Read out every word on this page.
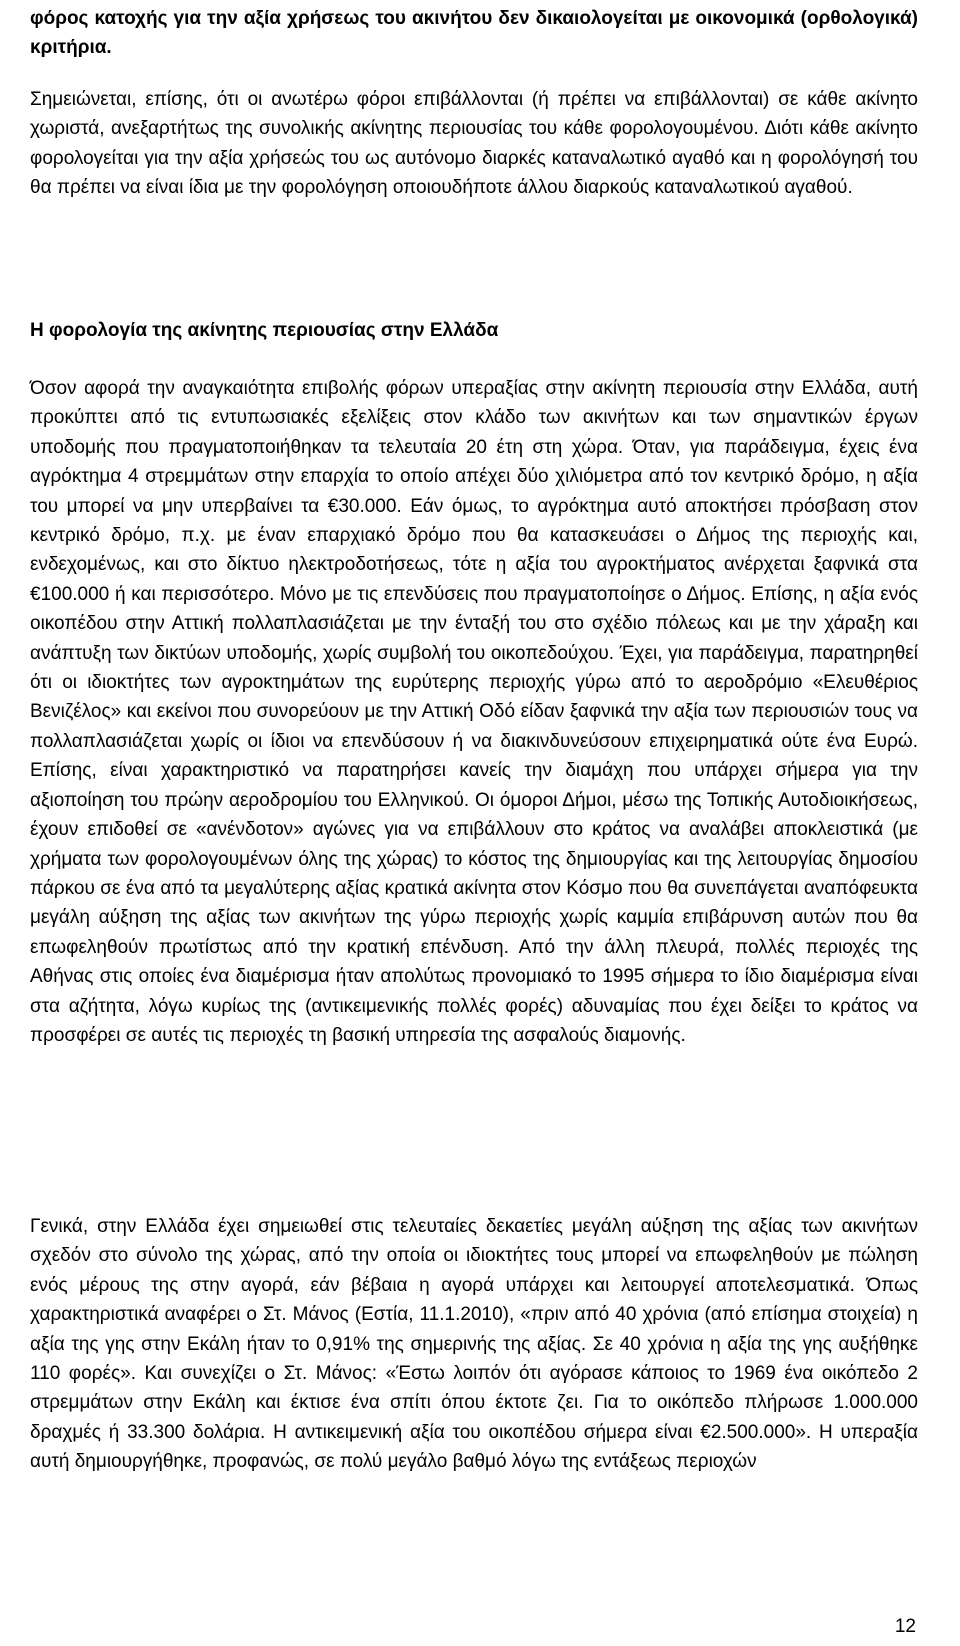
φόρος κατοχής για την αξία χρήσεως του ακινήτου δεν δικαιολογείται με οικονομικά (ορθολογικά) κριτήρια.

Σημειώνεται, επίσης, ότι οι ανωτέρω φόροι επιβάλλονται (ή πρέπει να επιβάλλονται) σε κάθε ακίνητο χωριστά, ανεξαρτήτως της συνολικής ακίνητης περιουσίας του κάθε φορολογουμένου. Διότι κάθε ακίνητο φορολογείται για την αξία χρήσεώς του ως αυτόνομο διαρκές καταναλωτικό αγαθό και η φορολόγησή του θα πρέπει να είναι ίδια με την φορολόγηση οποιουδήποτε άλλου διαρκούς καταναλωτικού αγαθού.

Η φορολογία της ακίνητης περιουσίας στην Ελλάδα

Όσον αφορά την αναγκαιότητα επιβολής φόρων υπεραξίας στην ακίνητη περιουσία στην Ελλάδα, αυτή προκύπτει από τις εντυπωσιακές εξελίξεις στον κλάδο των ακινήτων και των σημαντικών έργων υποδομής που πραγματοποιήθηκαν τα τελευταία 20 έτη στη χώρα. Όταν, για παράδειγμα, έχεις ένα αγρόκτημα 4 στρεμμάτων στην επαρχία το οποίο απέχει δύο χιλιόμετρα από τον κεντρικό δρόμο, η αξία του μπορεί να μην υπερβαίνει τα €30.000. Εάν όμως, το αγρόκτημα αυτό αποκτήσει πρόσβαση στον κεντρικό δρόμο, π.χ. με έναν επαρχιακό δρόμο που θα κατασκευάσει ο Δήμος της περιοχής και, ενδεχομένως, και στο δίκτυο ηλεκτροδοτήσεως, τότε η αξία του αγροκτήματος ανέρχεται ξαφνικά στα €100.000 ή και περισσότερο. Μόνο με τις επενδύσεις που πραγματοποίησε ο Δήμος. Επίσης, η αξία ενός οικοπέδου στην Αττική πολλαπλασιάζεται με την ένταξή του στο σχέδιο πόλεως και με την χάραξη και ανάπτυξη των δικτύων υποδομής, χωρίς συμβολή του οικοπεδούχου. Έχει, για παράδειγμα, παρατηρηθεί ότι οι ιδιοκτήτες των αγροκτημάτων της ευρύτερης περιοχής γύρω από το αεροδρόμιο «Ελευθέριος Βενιζέλος» και εκείνοι που συνορεύουν με την Αττική Οδό είδαν ξαφνικά την αξία των περιουσιών τους να πολλαπλασιάζεται χωρίς οι ίδιοι να επενδύσουν ή να διακινδυνεύσουν επιχειρηματικά ούτε ένα Ευρώ. Επίσης, είναι χαρακτηριστικό να παρατηρήσει κανείς την διαμάχη που υπάρχει σήμερα για την αξιοποίηση του πρώην αεροδρομίου του Ελληνικού. Οι όμοροι Δήμοι, μέσω της Τοπικής Αυτοδιοικήσεως, έχουν επιδοθεί σε «ανένδοτον» αγώνες για να επιβάλλουν στο κράτος να αναλάβει αποκλειστικά (με χρήματα των φορολογουμένων όλης της χώρας) το κόστος της δημιουργίας και της λειτουργίας δημοσίου πάρκου σε ένα από τα μεγαλύτερης αξίας κρατικά ακίνητα στον Κόσμο που θα συνεπάγεται αναπόφευκτα μεγάλη αύξηση της αξίας των ακινήτων της γύρω περιοχής χωρίς καμμία επιβάρυνση αυτών που θα επωφεληθούν πρωτίστως από την κρατική επένδυση. Από την άλλη πλευρά, πολλές περιοχές της Αθήνας στις οποίες ένα διαμέρισμα ήταν απολύτως προνομιακό το 1995 σήμερα το ίδιο διαμέρισμα είναι στα αζήτητα, λόγω κυρίως της (αντικειμενικής πολλές φορές) αδυναμίας που έχει δείξει το κράτος να προσφέρει σε αυτές τις περιοχές τη βασική υπηρεσία της ασφαλούς διαμονής.

Γενικά, στην Ελλάδα έχει σημειωθεί στις τελευταίες δεκαετίες μεγάλη αύξηση της αξίας των ακινήτων σχεδόν στο σύνολο της χώρας, από την οποία οι ιδιοκτήτες τους μπορεί να επωφεληθούν με πώληση ενός μέρους της στην αγορά, εάν βέβαια η αγορά υπάρχει και λειτουργεί αποτελεσματικά. Όπως χαρακτηριστικά αναφέρει ο Στ. Μάνος (Εστία, 11.1.2010), «πριν από 40 χρόνια (από επίσημα στοιχεία) η αξία της γης στην Εκάλη ήταν το 0,91% της σημερινής της αξίας. Σε 40 χρόνια η αξία της γης αυξήθηκε 110 φορές». Και συνεχίζει ο Στ. Μάνος: «Έστω λοιπόν ότι αγόρασε κάποιος το 1969 ένα οικόπεδο 2 στρεμμάτων στην Εκάλη και έκτισε ένα σπίτι όπου έκτοτε ζει. Για το οικόπεδο πλήρωσε 1.000.000 δραχμές ή 33.300 δολάρια. Η αντικειμενική αξία του οικοπέδου σήμερα είναι €2.500.000». Η υπεραξία αυτή δημιουργήθηκε, προφανώς, σε πολύ μεγάλο βαθμό λόγω της εντάξεως περιοχών

12
